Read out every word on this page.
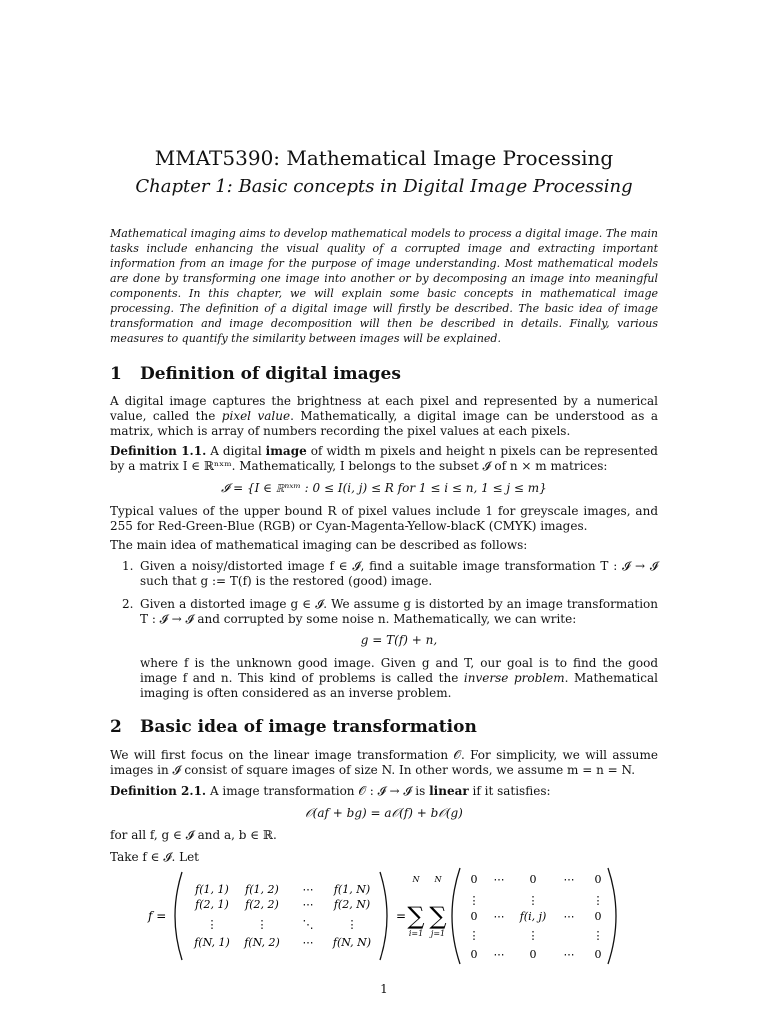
MMAT5390: Mathematical Image Processing
Chapter 1: Basic concepts in Digital Image Processing

Mathematical imaging aims to develop mathematical models to process a digital image. The main tasks include enhancing the visual quality of a corrupted image and extracting important information from an image for the purpose of image understanding. Most mathematical models are done by transforming one image into another or by decomposing an image into meaningful components. In this chapter, we will explain some basic concepts in mathematical image processing. The definition of a digital image will firstly be described. The basic idea of image transformation and image decomposition will then be described in details. Finally, various measures to quantify the similarity between images will be explained.

1 Definition of digital images

A digital image captures the brightness at each pixel and represented by a numerical value, called the pixel value. Mathematically, a digital image can be understood as a matrix, which is array of numbers recording the pixel values at each pixels.

Definition 1.1. A digital image of width m pixels and height n pixels can be represented by a matrix I ∈ ℝⁿˣᵐ. Mathematically, I belongs to the subset 𝓘 of n × m matrices:

𝓘 = {I ∈ ℝⁿˣᵐ : 0 ≤ I(i, j) ≤ R for 1 ≤ i ≤ n, 1 ≤ j ≤ m}

Typical values of the upper bound R of pixel values include 1 for greyscale images, and 255 for Red-Green-Blue (RGB) or Cyan-Magenta-Yellow-blacK (CMYK) images.

The main idea of mathematical imaging can be described as follows:

1. Given a noisy/distorted image f ∈ 𝓘, find a suitable image transformation T : 𝓘 → 𝓘 such that g := T(f) is the restored (good) image.
2. Given a distorted image g ∈ 𝓘. We assume g is distorted by an image transformation T : 𝓘 → 𝓘 and corrupted by some noise n. Mathematically, we can write:
g = T(f) + n,
where f is the unknown good image. Given g and T, our goal is to find the good image f and n. This kind of problems is called the inverse problem. Mathematical imaging is often considered as an inverse problem.
2 Basic idea of image transformation

We will first focus on the linear image transformation 𝒪. For simplicity, we will assume images in 𝓘 consist of square images of size N. In other words, we assume m = n = N.

Definition 2.1. A image transformation 𝒪 : 𝓘 → 𝓘 is linear if it satisfies:

𝒪(af + bg) = a𝒪(f) + b𝒪(g)
for all f, g ∈ 𝓘 and a, b ∈ ℝ.
Take f ∈ 𝓘. Let
f =
f(1, 1) f(1, 2) ⋯ f(1, N)
f(2, 1) f(2, 2) ⋯ f(2, N)
⋮	⋮	⋱	⋮
f(N, 1) f(N, 2) ⋯ f(N, N)
=
N
∑
i=1
N
∑
j=1
0 ⋯ 0 ⋯ 0
⋮	⋮	⋮
0 ⋯ f(i, j) ⋯ 0
⋮	⋮	⋮
0 ⋯ 0 ⋯ 0
1
